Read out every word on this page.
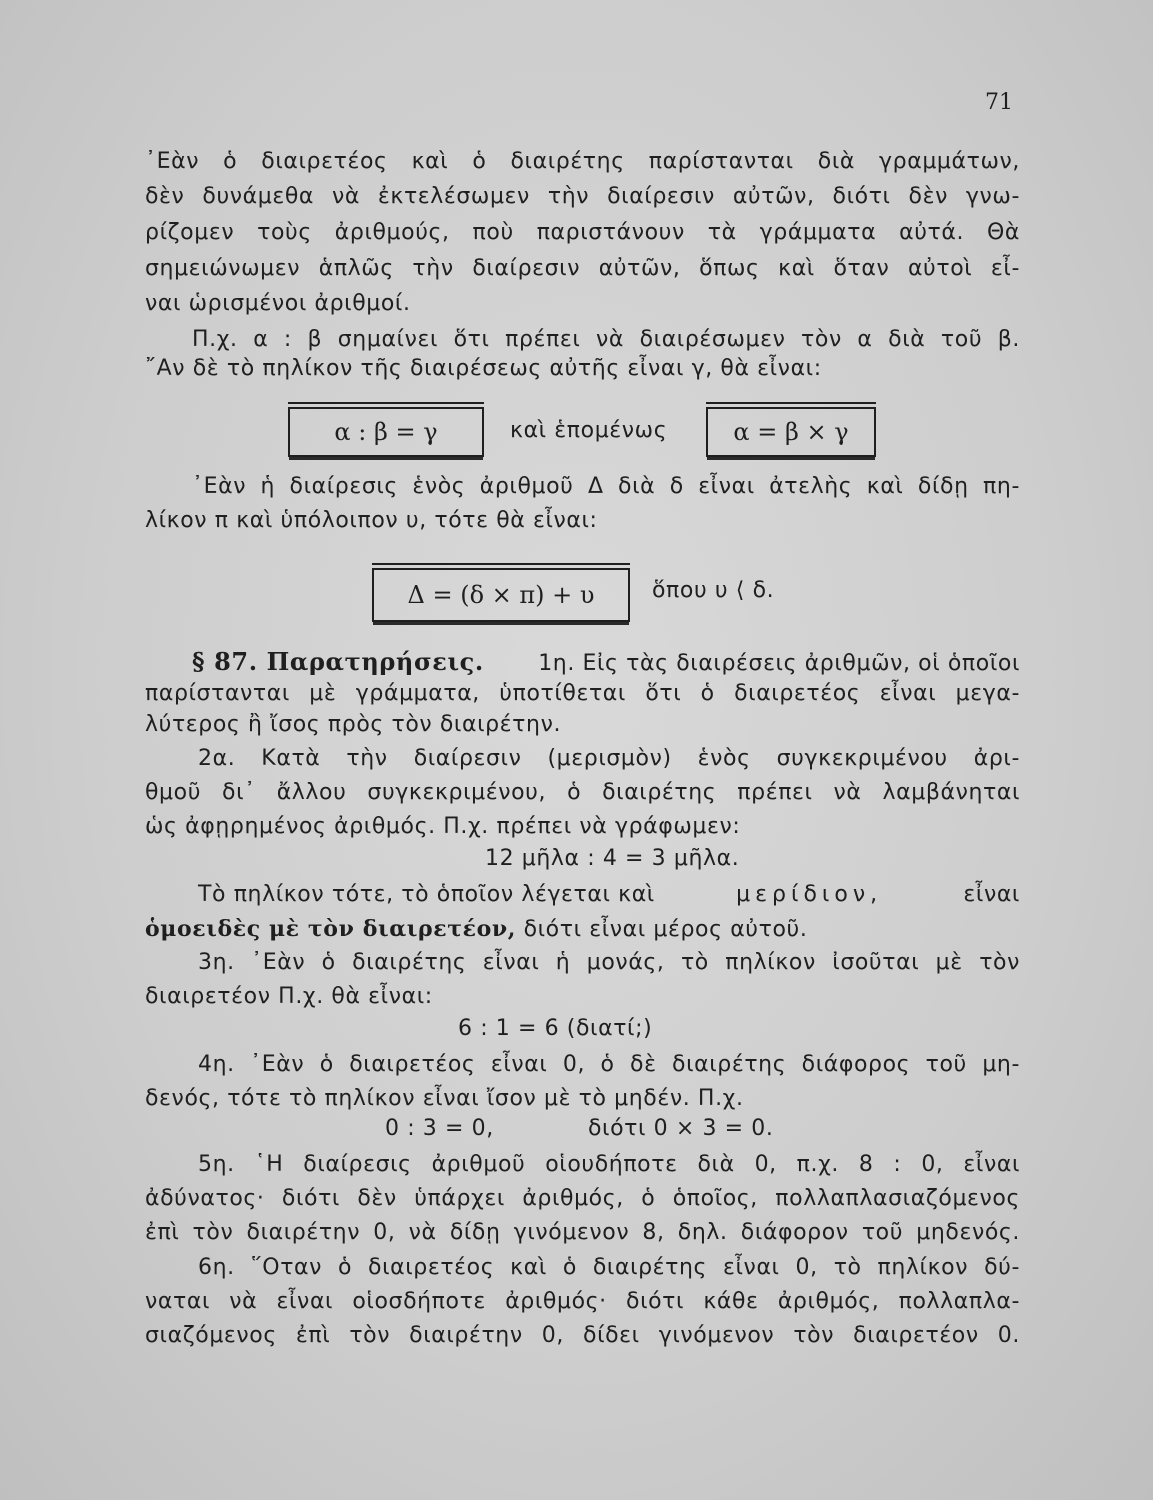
71
᾿Εὰν ὁ διαιρετέος καὶ ὁ διαιρέτης παρίστανται διὰ γραμμάτων,
δὲν δυνάμεθα νὰ ἐκτελέσωμεν τὴν διαίρεσιν αὐτῶν, διότι δὲν γνω-
ρίζομεν τοὺς ἀριθμούς, ποὺ παριστάνουν τὰ γράμματα αὐτά. Θὰ
σημειώνωμεν ἁπλῶς τὴν διαίρεσιν αὐτῶν, ὅπως καὶ ὅταν αὐτοὶ εἶ-
ναι ὡρισμένοι ἀριθμοί.
Π.χ. α : β σημαίνει ὅτι πρέπει νὰ διαιρέσωμεν τὸν α διὰ τοῦ β.
῎Αν δὲ τὸ πηλίκον τῆς διαιρέσεως αὐτῆς εἶναι γ, θὰ εἶναι:
α : β = γ	καὶ ἑπομένως	α = β × γ
᾿Εὰν ἡ διαίρεσις ἑνὸς ἀριθμοῦ Δ διὰ δ εἶναι ἀτελὴς καὶ δίδῃ πη-
λίκον π καὶ ὑπόλοιπον υ, τότε θὰ εἶναι:
Δ = (δ × π) + υ	ὅπου υ ⟨ δ.
§ 87. Παρατηρήσεις. 1η. Εἰς τὰς διαιρέσεις ἀριθμῶν, οἱ ὁποῖοι
παρίστανται μὲ γράμματα, ὑποτίθεται ὅτι ὁ διαιρετέος εἶναι μεγα-
λύτερος ἢ ἴσος πρὸς τὸν διαιρέτην.
2α. Κατὰ τὴν διαίρεσιν (μερισμὸν) ἑνὸς συγκεκριμένου ἀρι-
θμοῦ δι᾿ ἄλλου συγκεκριμένου, ὁ διαιρέτης πρέπει νὰ λαμβάνηται
ὡς ἀφῃρημένος ἀριθμός. Π.χ. πρέπει νὰ γράφωμεν:
12 μῆλα : 4 = 3 μῆλα.
Τὸ πηλίκον τότε, τὸ ὁποῖον λέγεται καὶ	μερίδιον,	εἶναι
ὁμοειδὲς μὲ τὸν διαιρετέον, διότι εἶναι μέρος αὐτοῦ.
3η. ᾿Εὰν ὁ διαιρέτης εἶναι ἡ μονάς, τὸ πηλίκον ἰσοῦται μὲ τὸν
διαιρετέον Π.χ. θὰ εἶναι:
6 : 1 = 6 (διατί;)
4η. ᾿Εὰν ὁ διαιρετέος εἶναι 0, ὁ δὲ διαιρέτης διάφορος τοῦ μη-
δενός, τότε τὸ πηλίκον εἶναι ἴσον μὲ τὸ μηδέν. Π.χ.
0 : 3 = 0,	διότι 0 × 3 = 0.
5η. ῾Η διαίρεσις ἀριθμοῦ οἱουδήποτε διὰ 0, π.χ. 8 : 0, εἶναι
ἀδύνατος· διότι δὲν ὑπάρχει ἀριθμός, ὁ ὁποῖος, πολλαπλασιαζόμενος
ἐπὶ τὸν διαιρέτην 0, νὰ δίδῃ γινόμενον 8, δηλ. διάφορον τοῦ μηδενός.
6η. ῞Οταν ὁ διαιρετέος καὶ ὁ διαιρέτης εἶναι 0, τὸ πηλίκον δύ-
ναται νὰ εἶναι οἱοσδήποτε ἀριθμός· διότι κάθε ἀριθμός, πολλαπλα-
σιαζόμενος ἐπὶ τὸν διαιρέτην 0, δίδει γινόμενον τὸν διαιρετέον 0.
